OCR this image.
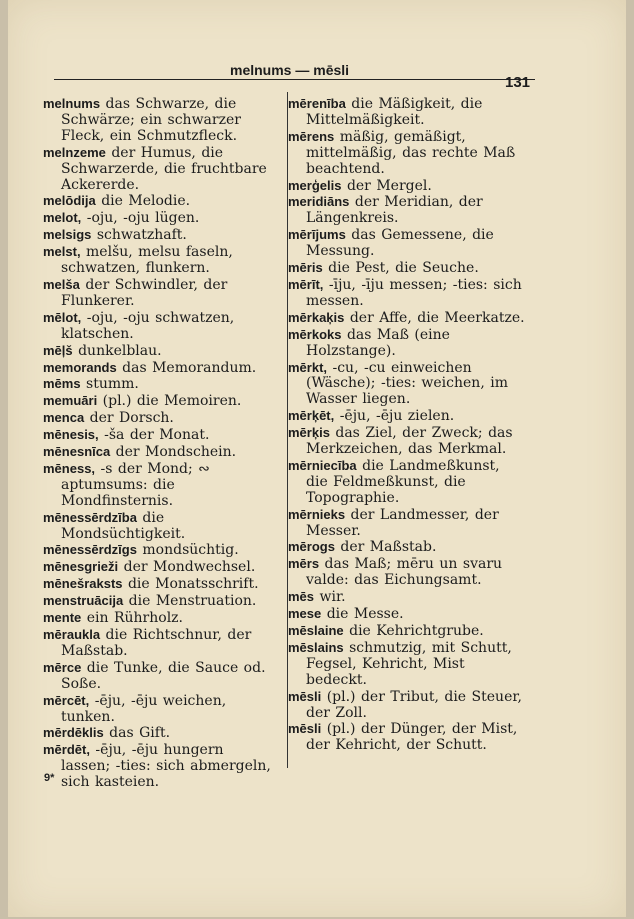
melnums — mēsli
131

melnums das Schwarze, die Schwärze; ein schwarzer Fleck, ein Schmutzfleck.

melnzeme der Humus, die Schwarzerde, die fruchtbare Ackererde.

melōdija die Melodie.

melot, -oju, -oju lügen.

melsigs schwatzhaft.

melst, melšu, melsu faseln, schwatzen, flunkern.

melša der Schwindler, der Flunkerer.

mēlot, -oju, -oju schwatzen, klatschen.

mēļš dunkelblau.

memorands das Memorandum.

mēms stumm.

memuāri (pl.) die Memoiren.

menca der Dorsch.

mēnesis, -ša der Monat.

mēnesnīca der Mondschein.

mēness, -s der Mond; ∾ aptumsums: die Mondfinsternis.

mēnessērdzība die Mondsüchtigkeit.

mēnessērdzīgs mondsüchtig.

mēnesgrieži der Mondwechsel.

mēnešraksts die Monatsschrift.

menstruācija die Menstruation.

mente ein Rührholz.

mēraukla die Richtschnur, der Maßstab.

mērce die Tunke, die Sauce od. Soße.

mērcēt, -ēju, -ēju weichen, tunken.

mērdēklis das Gift.

mērdēt, -ēju, -ēju hungern lassen; -ties: sich abmergeln, sich kasteien.

mērenība die Mäßigkeit, die Mittelmäßigkeit.

mērens mäßig, gemäßigt, mittelmäßig, das rechte Maß beachtend.

merģelis der Mergel.

meridiāns der Meridian, der Längenkreis.

mērījums das Gemessene, die Messung.

mēris die Pest, die Seuche.

mērīt, -īju, -īju messen; -ties: sich messen.

mērkaķis der Affe, die Meerkatze.

mērkoks das Maß (eine Holzstange).

mērkt, -cu, -cu einweichen (Wäsche); -ties: weichen, im Wasser liegen.

mērķēt, -ēju, -ēju zielen.

mērķis das Ziel, der Zweck; das Merkzeichen, das Merkmal.

mērniecība die Landmeßkunst, die Feldmeßkunst, die Topographie.

mērnieks der Landmesser, der Messer.

mērogs der Maßstab.

mērs das Maß; mēru un svaru valde: das Eichungsamt.

mēs wir.

mese die Messe.

mēslaine die Kehrichtgrube.

mēslains schmutzig, mit Schutt, Fegsel, Kehricht, Mist bedeckt.

mēsli (pl.) der Tribut, die Steuer, der Zoll.

mēsli (pl.) der Dünger, der Mist, der Kehricht, der Schutt.

9*
